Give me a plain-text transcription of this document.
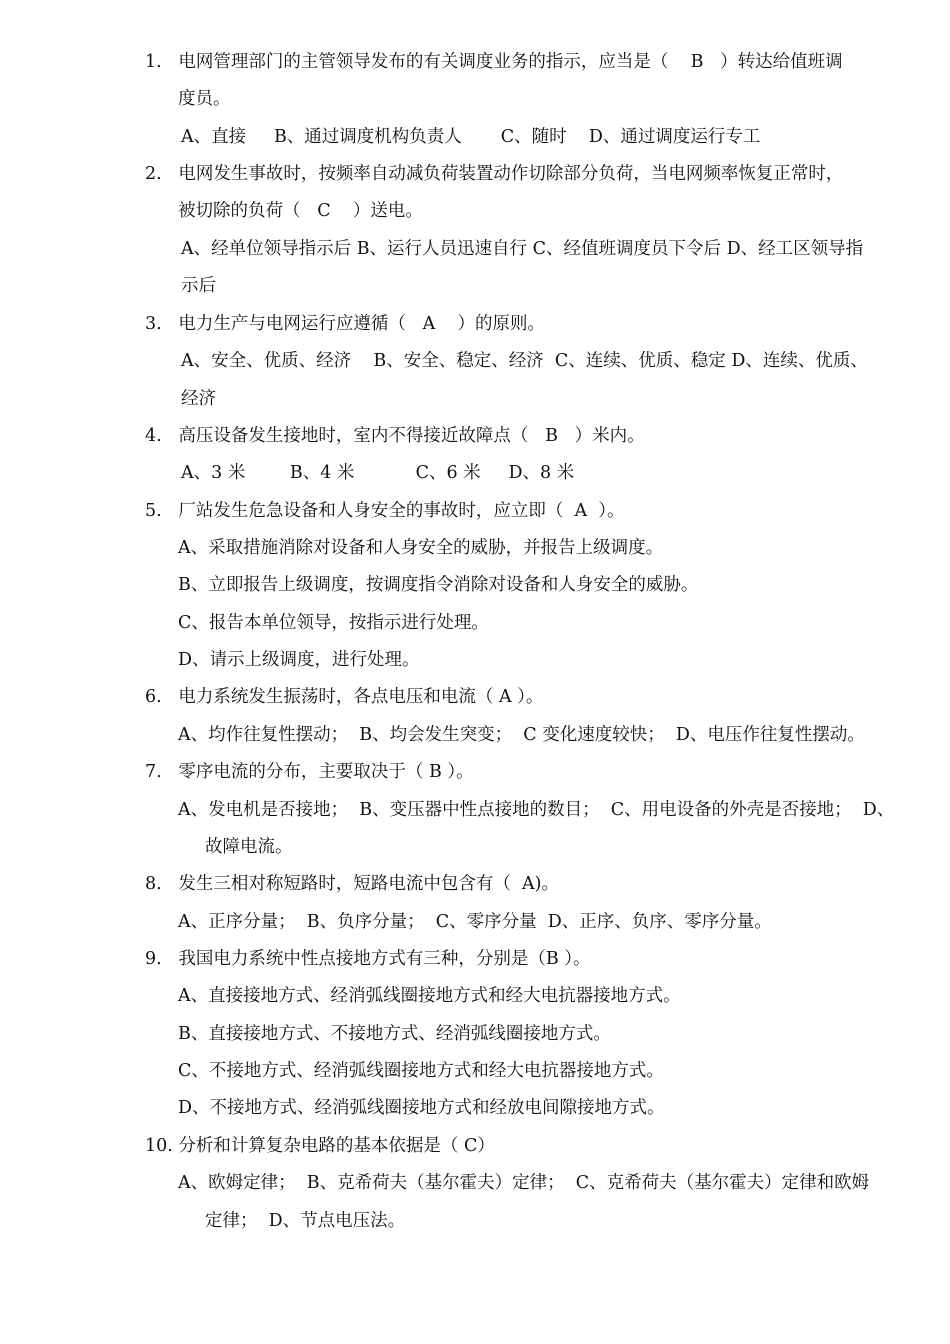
1.   电网管理部门的主管领导发布的有关调度业务的指示，应当是（    B   ）转达给值班调
度员。
A、直接     B、通过调度机构负责人       C、随时    D、通过调度运行专工
2.   电网发生事故时，按频率自动减负荷装置动作切除部分负荷，当电网频率恢复正常时，
被切除的负荷（   C    ）送电。
A、经单位领导指示后 B、运行人员迅速自行 C、经值班调度员下令后 D、经工区领导指
示后
3.   电力生产与电网运行应遵循（   A    ）的原则。
A、安全、优质、经济    B、安全、稳定、经济  C、连续、优质、稳定 D、连续、优质、
经济
4.   高压设备发生接地时，室内不得接近故障点（   B   ）米内。
A、3 米        B、4 米           C、6 米     D、8 米
5.   厂站发生危急设备和人身安全的事故时，应立即（  A  ）。
A、采取措施消除对设备和人身安全的威胁，并报告上级调度。
B、立即报告上级调度，按调度指令消除对设备和人身安全的威胁。
C、报告本单位领导，按指示进行处理。
D、请示上级调度，进行处理。
6.   电力系统发生振荡时，各点电压和电流（ A ）。
A、均作往复性摆动；  B、均会发生突变；  C 变化速度较快；  D、电压作往复性摆动。
7.   零序电流的分布，主要取决于（ B ）。
A、发电机是否接地；  B、变压器中性点接地的数目；  C、用电设备的外壳是否接地；  D、
故障电流。
8.   发生三相对称短路时，短路电流中包含有（  A)。
A、正序分量；  B、负序分量；  C、零序分量  D、正序、负序、零序分量。
9.   我国电力系统中性点接地方式有三种，分别是（B ）。
A、直接接地方式、经消弧线圈接地方式和经大电抗器接地方式。
B、直接接地方式、不接地方式、经消弧线圈接地方式。
C、不接地方式、经消弧线圈接地方式和经大电抗器接地方式。
D、不接地方式、经消弧线圈接地方式和经放电间隙接地方式。
10. 分析和计算复杂电路的基本依据是（ C）
A、欧姆定律；  B、克希荷夫（基尔霍夫）定律；  C、克希荷夫（基尔霍夫）定律和欧姆
定律；  D、节点电压法。
